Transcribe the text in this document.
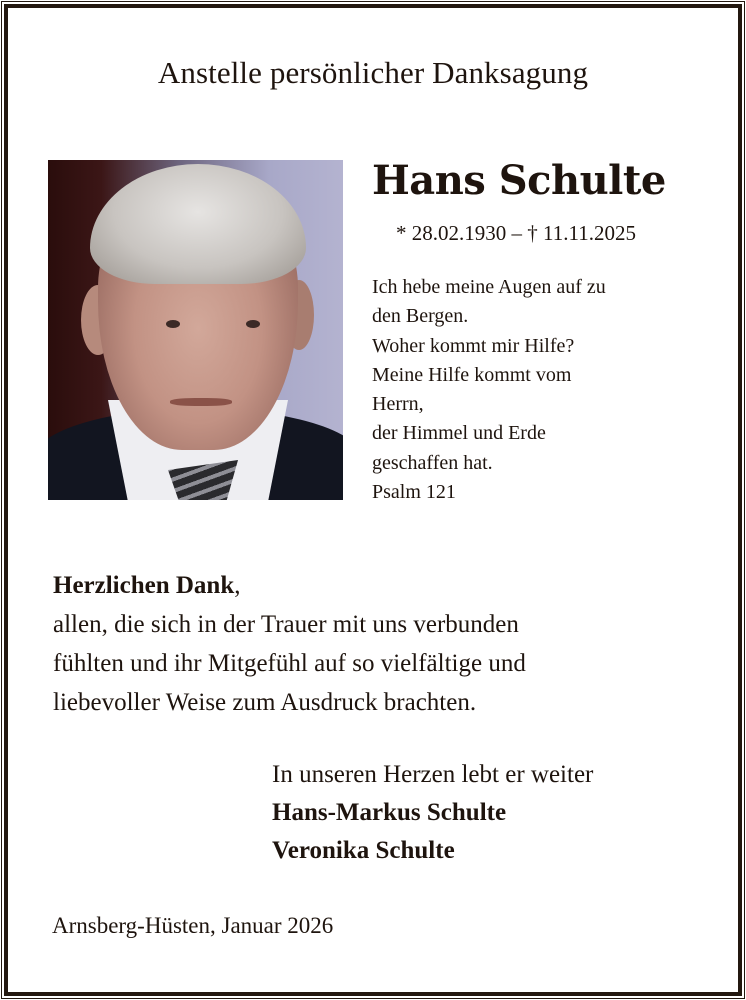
Anstelle persönlicher Danksagung
Hans Schulte
* 28.02.1930 – † 11.11.2025
Ich hebe meine Augen auf zu
den Bergen.
Woher kommt mir Hilfe?
Meine Hilfe kommt vom
Herrn,
der Himmel und Erde
geschaffen hat.
Psalm 121
Herzlichen Dank,
allen, die sich in der Trauer mit uns verbunden
fühlten und ihr Mitgefühl auf so vielfältige und
liebevoller Weise zum Ausdruck brachten.
In unseren Herzen lebt er weiter
Hans-Markus Schulte
Veronika Schulte
Arnsberg-Hüsten, Januar 2026
